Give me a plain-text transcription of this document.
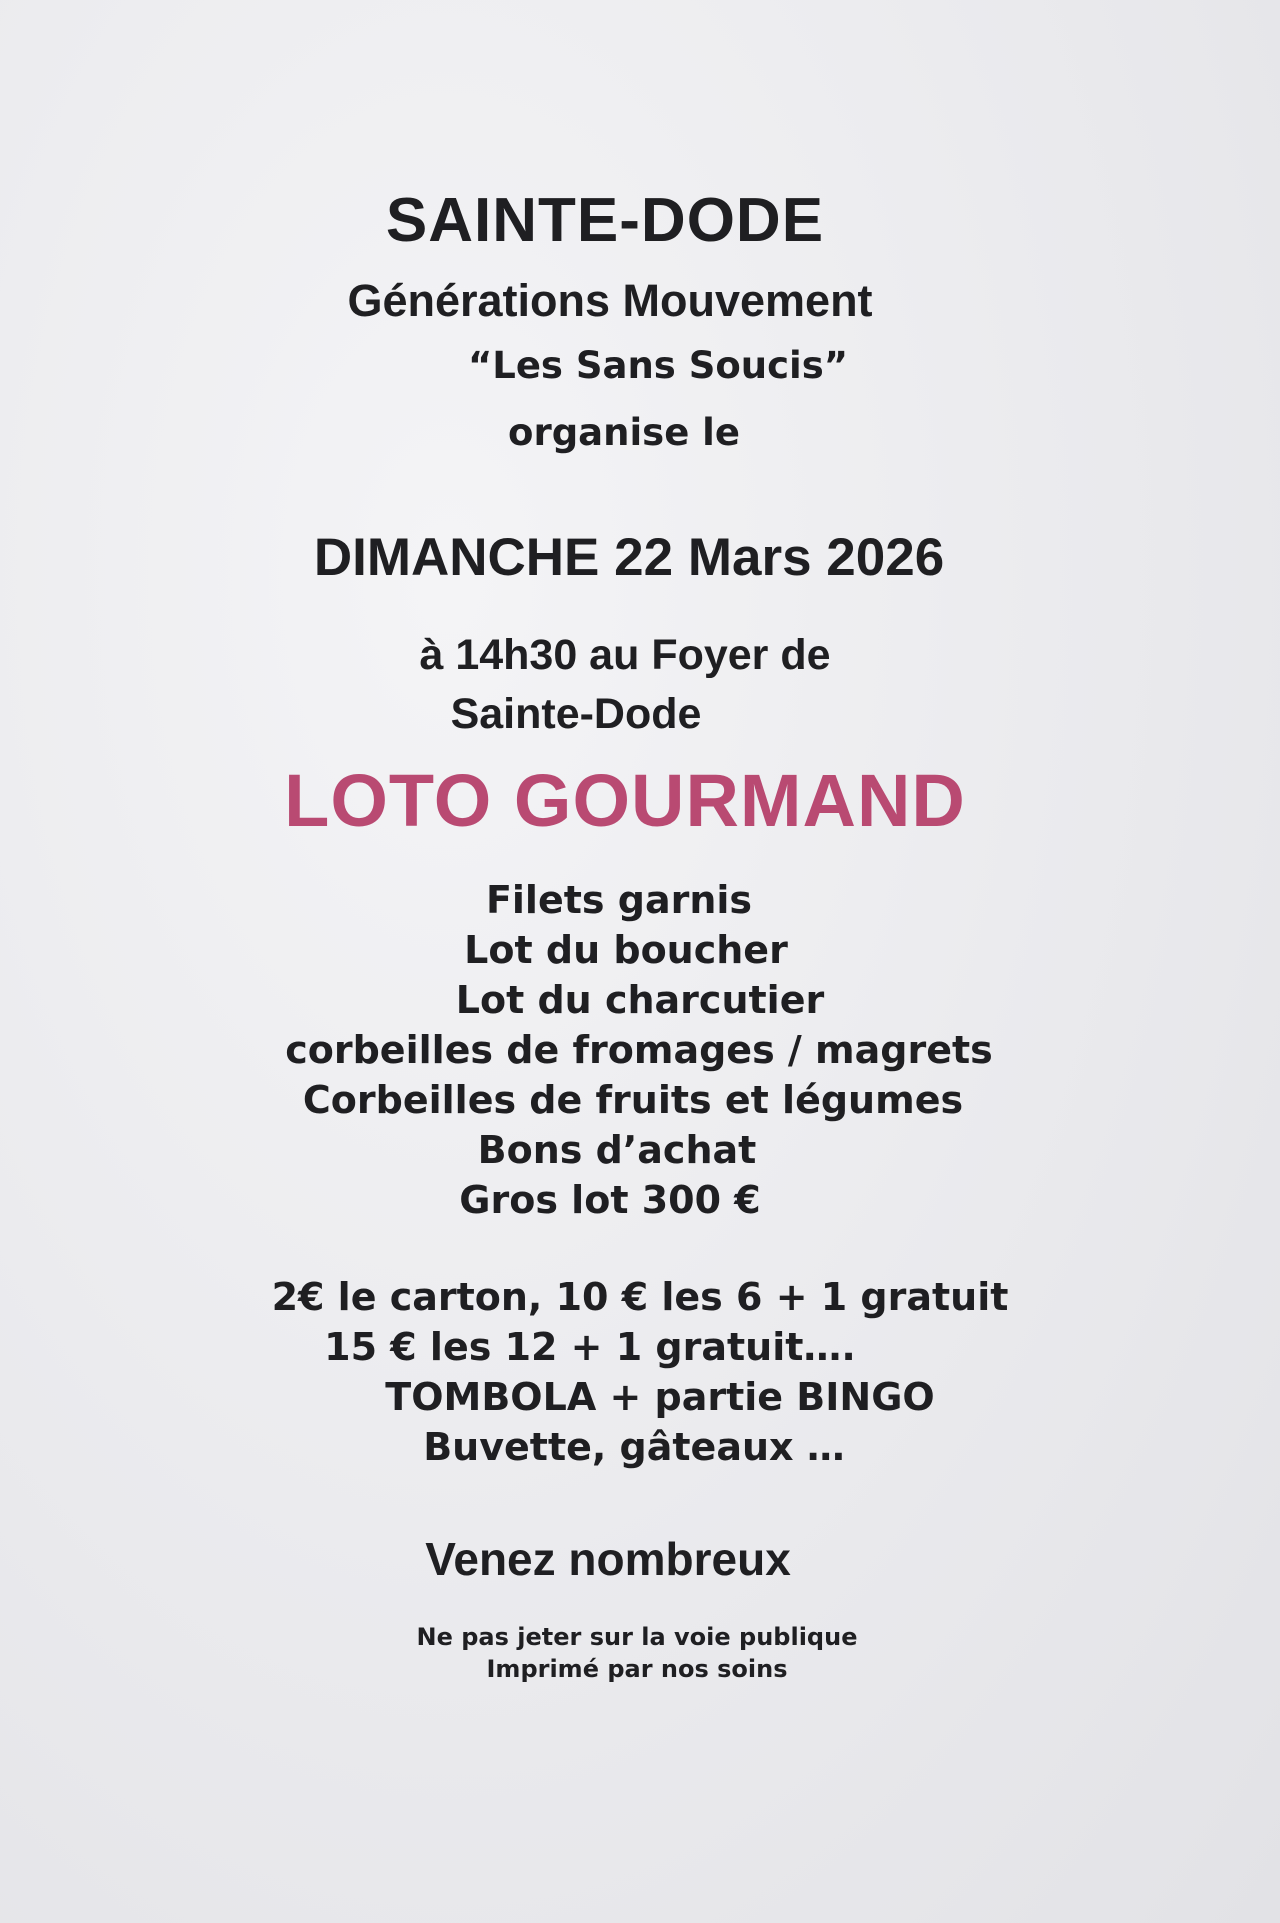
SAINTE-DODE

Générations Mouvement

“Les Sans Soucis”

organise le

DIMANCHE 22 Mars 2026

à 14h30 au Foyer de

Sainte-Dode

LOTO GOURMAND

Filets garnis

Lot du boucher

Lot du charcutier

corbeilles de fromages / magrets

Corbeilles de fruits et légumes

Bons d’achat

Gros lot 300 €

2€ le carton, 10 € les 6 + 1 gratuit

15 € les 12 + 1 gratuit….

TOMBOLA + partie BINGO

Buvette, gâteaux …

Venez nombreux

Ne pas jeter sur la voie publique

Imprimé par nos soins
